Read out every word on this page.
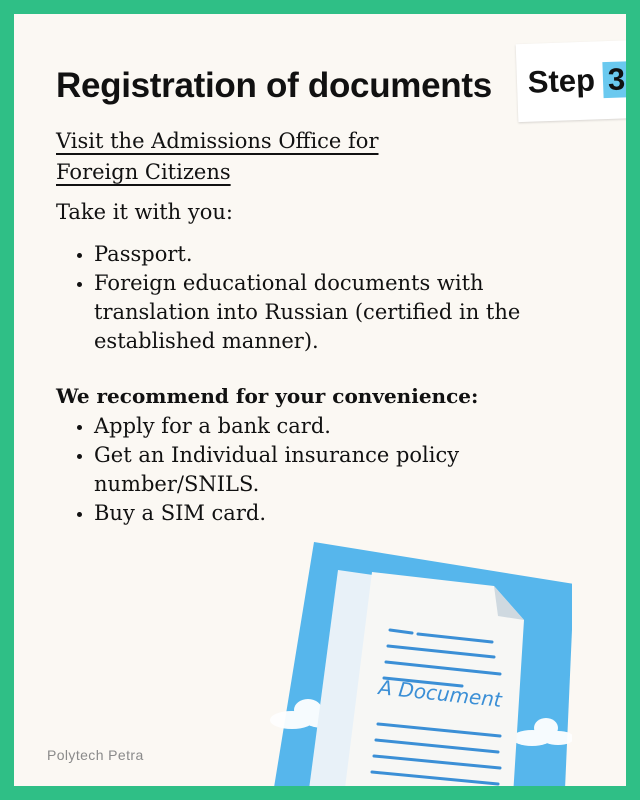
Registration of documents Step 3
Visit the Admissions Office for Foreign Citizens
Take it with you:
• Passport.
• Foreign educational documents with translation into Russian (certified in the established manner).
We recommend for your convenience:
• Apply for a bank card.
• Get an Individual insurance policy number/SNILS.
• Buy a SIM card.
A Document
Polytech Petra
